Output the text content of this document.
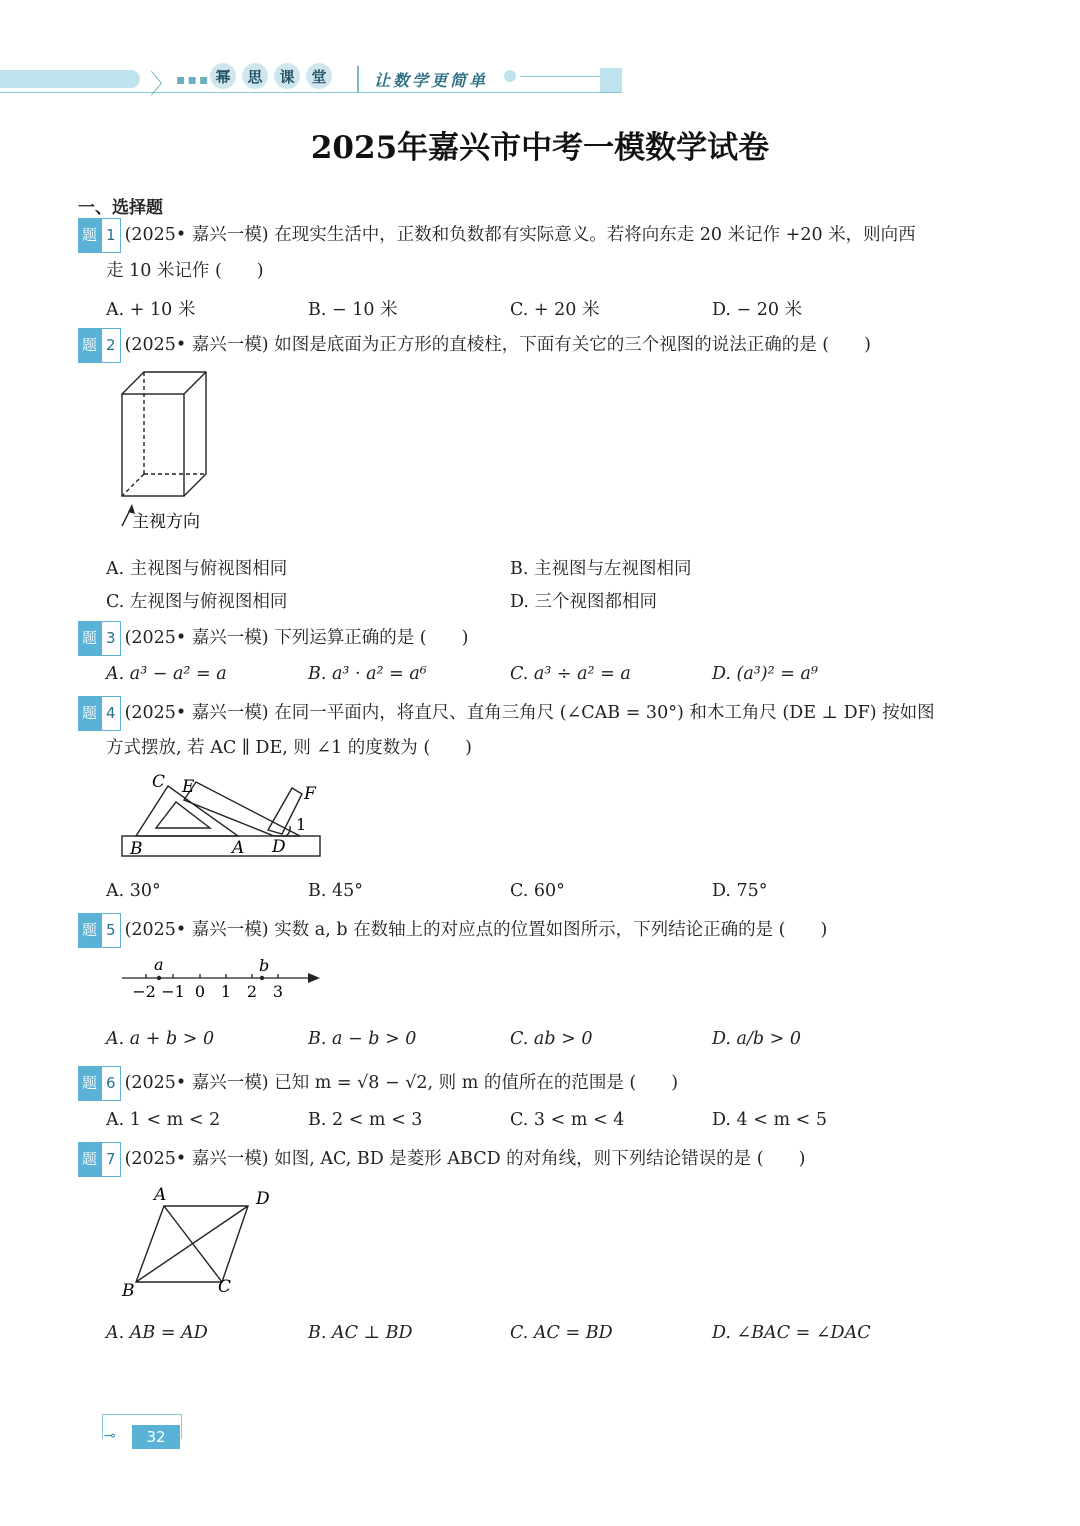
〉 ▪▪▪ 幂	思	课	堂	让数学更简单
2025年嘉兴市中考一模数学试卷
一、选择题
题 1 (2025• 嘉兴一模) 在现实生活中，正数和负数都有实际意义。若将向东走 20 米记作 +20 米，则向西
走 10 米记作 (　　)
A. + 10 米	B. − 10 米	C. + 20 米	D. − 20 米
题 2 (2025• 嘉兴一模) 如图是底面为正方形的直棱柱，下面有关它的三个视图的说法正确的是 (　　)
主视方向
A. 主视图与俯视图相同	B. 主视图与左视图相同
C. 左视图与俯视图相同	D. 三个视图都相同
题 3 (2025• 嘉兴一模) 下列运算正确的是 (　　)
A. a³ − a² = a	B. a³ · a² = a⁶	C. a³ ÷ a² = a	D. (a³)² = a⁹
题 4 (2025• 嘉兴一模) 在同一平面内，将直尺、直角三角尺 (∠CAB = 30°) 和木工角尺 (DE ⊥ DF) 按如图
方式摆放, 若 AC ∥ DE, 则 ∠1 的度数为 (　　)
C E	F
1
B	A D
A. 30°	B. 45°	C. 60°	D. 75°
题 5 (2025• 嘉兴一模) 实数 a, b 在数轴上的对应点的位置如图所示，下列结论正确的是 (　　)
a	b
−2 −1 0 1 2 3
A. a + b > 0	B. a − b > 0	C. ab > 0	D. a/b > 0
题 6 (2025• 嘉兴一模) 已知 m = √8 − √2, 则 m 的值所在的范围是 (　　)
A. 1 < m < 2	B. 2 < m < 3	C. 3 < m < 4	D. 4 < m < 5
题 7 (2025• 嘉兴一模) 如图, AC, BD 是菱形 ABCD 的对角线，则下列结论错误的是 (　　)
A	D
B	C
A. AB = AD	B. AC ⊥ BD	C. AC = BD	D. ∠BAC = ∠DAC
⊸	32
